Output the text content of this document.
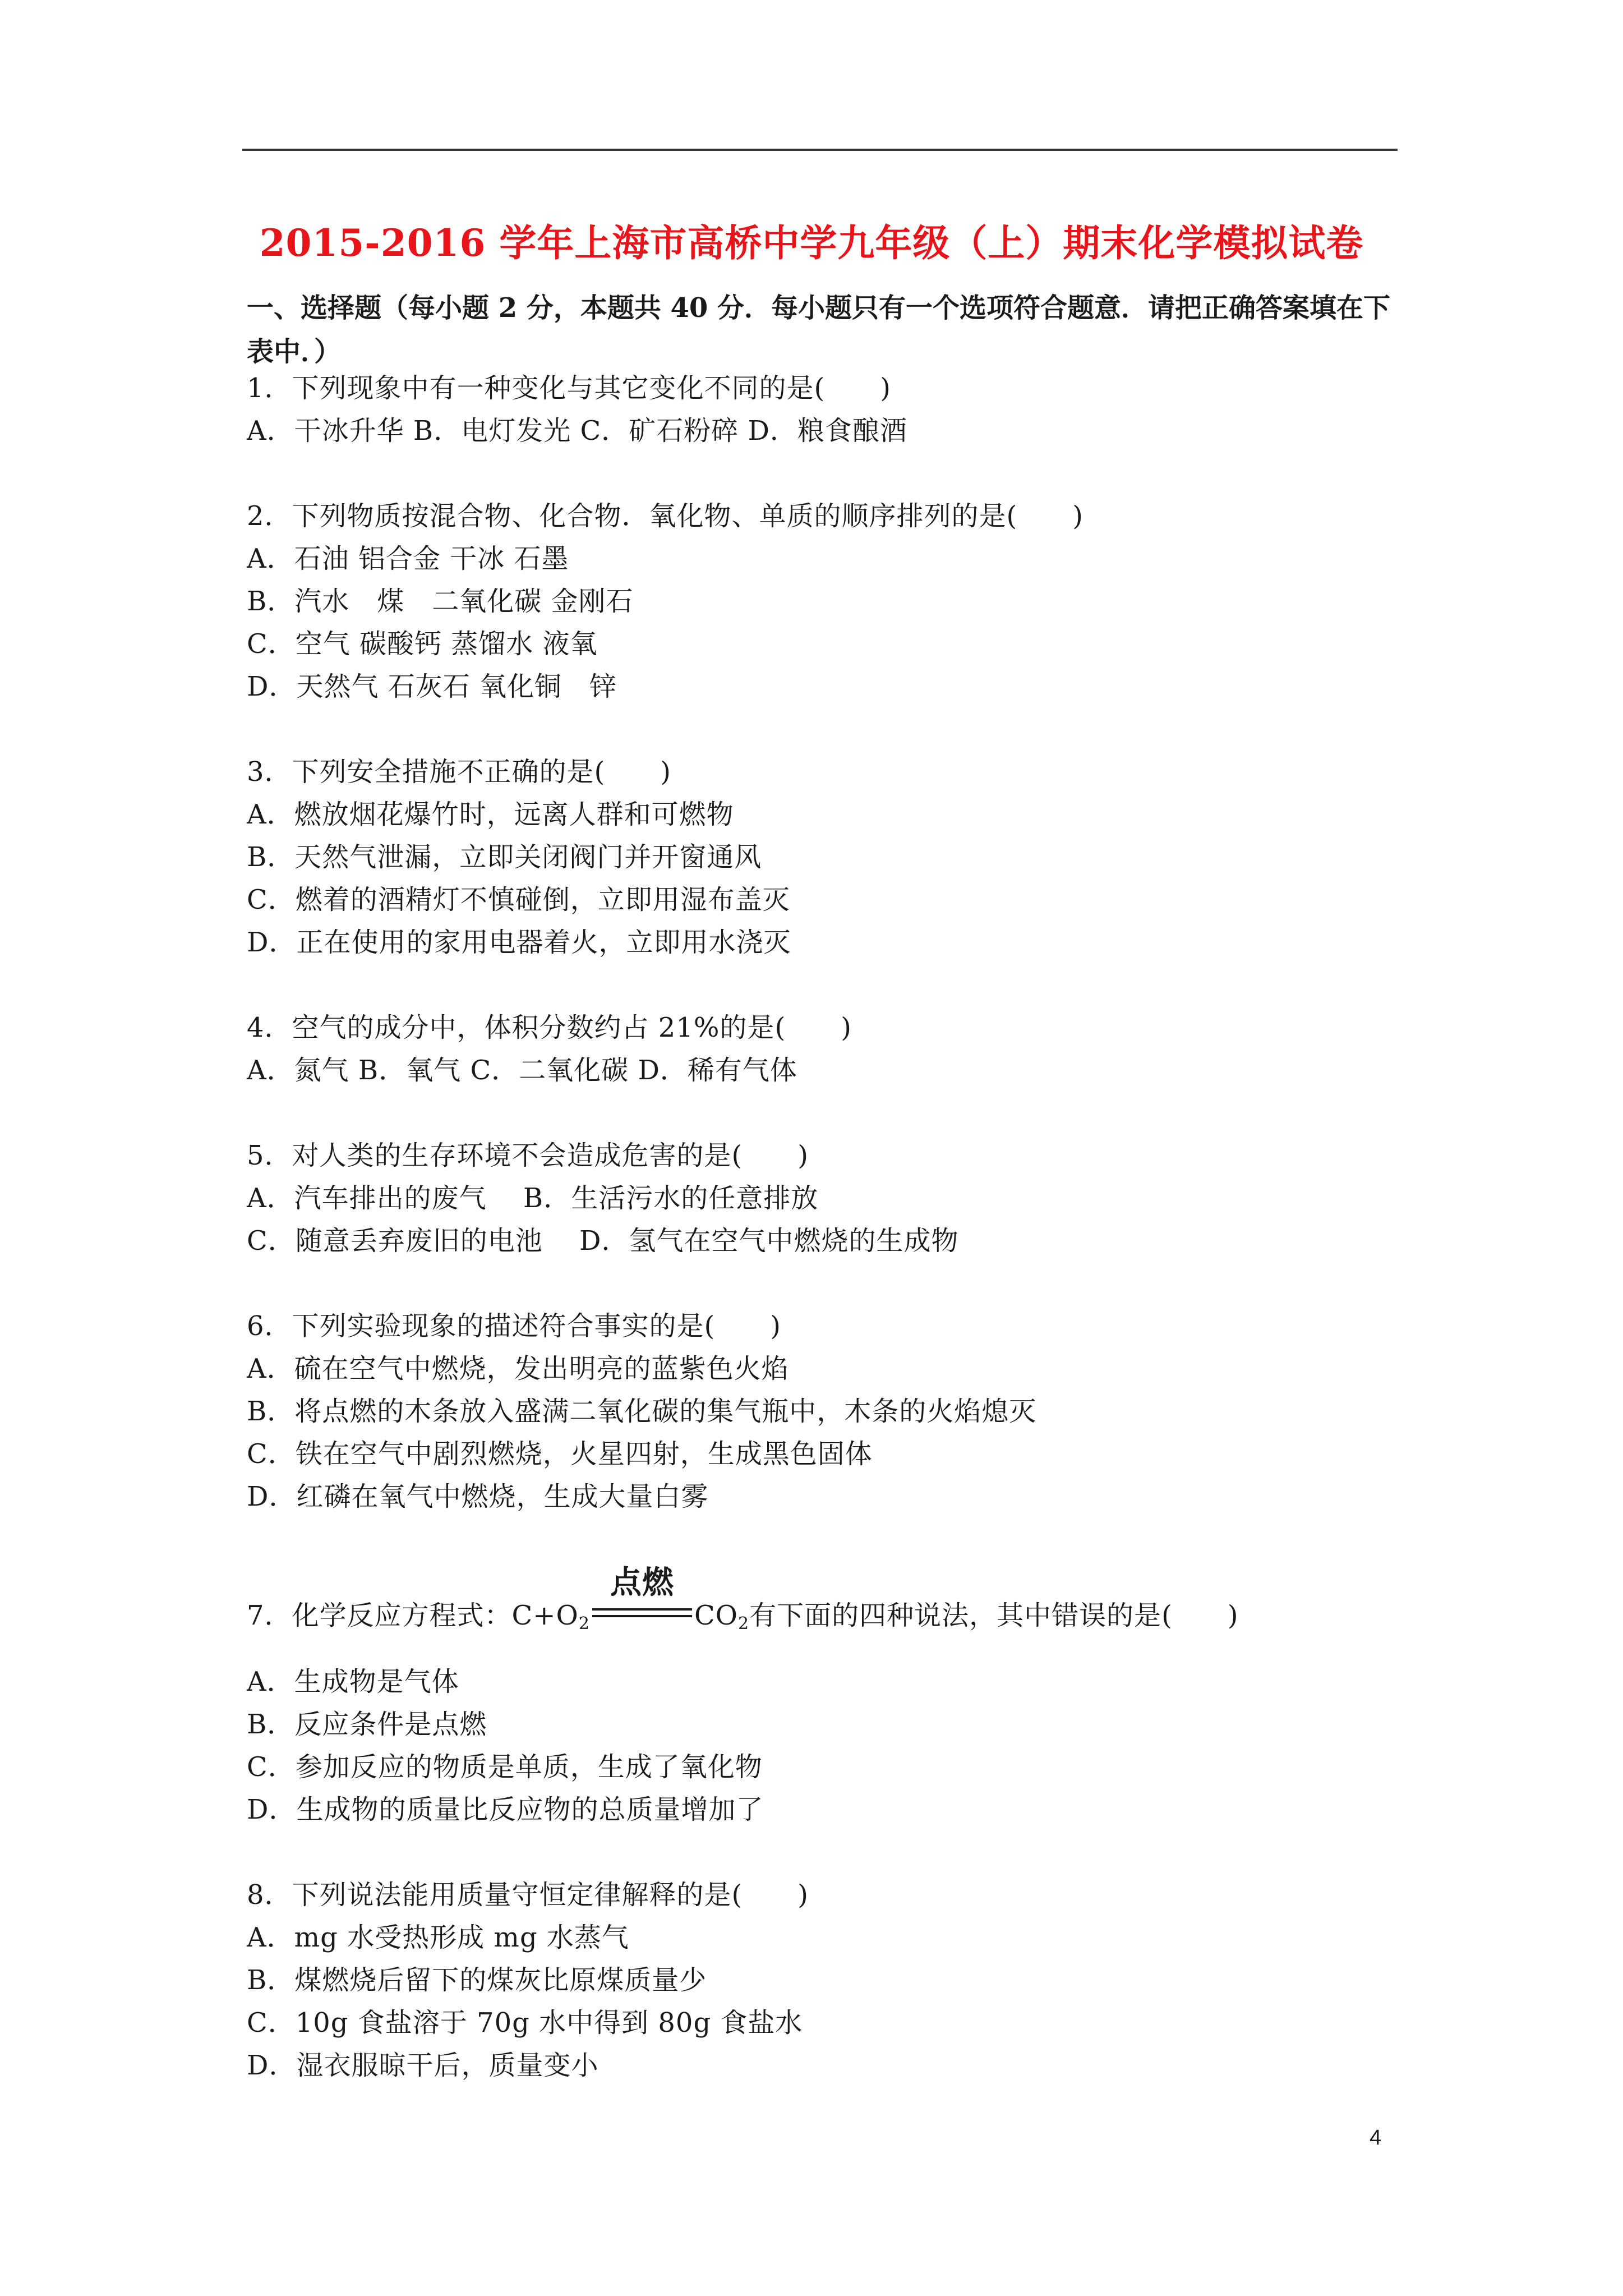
2015-2016 学年上海市高桥中学九年级（上）期末化学模拟试卷
一、选择题（每小题 2 分，本题共 40 分．每小题只有一个选项符合题意．请把正确答案填在下表中．）
1．下列现象中有一种变化与其它变化不同的是(　　)
A．干冰升华 B．电灯发光 C．矿石粉碎 D．粮食酿酒
2．下列物质按混合物、化合物．氧化物、单质的顺序排列的是(　　)
A．石油 铝合金 干冰 石墨
B．汽水　煤　二氧化碳 金刚石
C．空气 碳酸钙 蒸馏水 液氧
D．天然气 石灰石 氧化铜　锌
3．下列安全措施不正确的是(　　)
A．燃放烟花爆竹时，远离人群和可燃物
B．天然气泄漏，立即关闭阀门并开窗通风
C．燃着的酒精灯不慎碰倒，立即用湿布盖灭
D．正在使用的家用电器着火，立即用水浇灭
4．空气的成分中，体积分数约占 21%的是(　　)
A．氮气 B．氧气 C．二氧化碳 D．稀有气体
5．对人类的生存环境不会造成危害的是(　　)
A．汽车排出的废气　 B．生活污水的任意排放
C．随意丢弃废旧的电池　 D．氢气在空气中燃烧的生成物
6．下列实验现象的描述符合事实的是(　　)
A．硫在空气中燃烧，发出明亮的蓝紫色火焰
B．将点燃的木条放入盛满二氧化碳的集气瓶中，木条的火焰熄灭
C．铁在空气中剧烈燃烧，火星四射，生成黑色固体
D．红磷在氧气中燃烧，生成大量白雾
7．化学反应方程式：$C+O_2$
点燃
$CO_2$有下面的四种说法，其中错误的是(　　)
A．生成物是气体
B．反应条件是点燃
C．参加反应的物质是单质，生成了氧化物
D．生成物的质量比反应物的总质量增加了
8．下列说法能用质量守恒定律解释的是(　　)
A．mg 水受热形成 mg 水蒸气
B．煤燃烧后留下的煤灰比原煤质量少
C．10g 食盐溶于 70g 水中得到 80g 食盐水
D．湿衣服晾干后，质量变小
4
